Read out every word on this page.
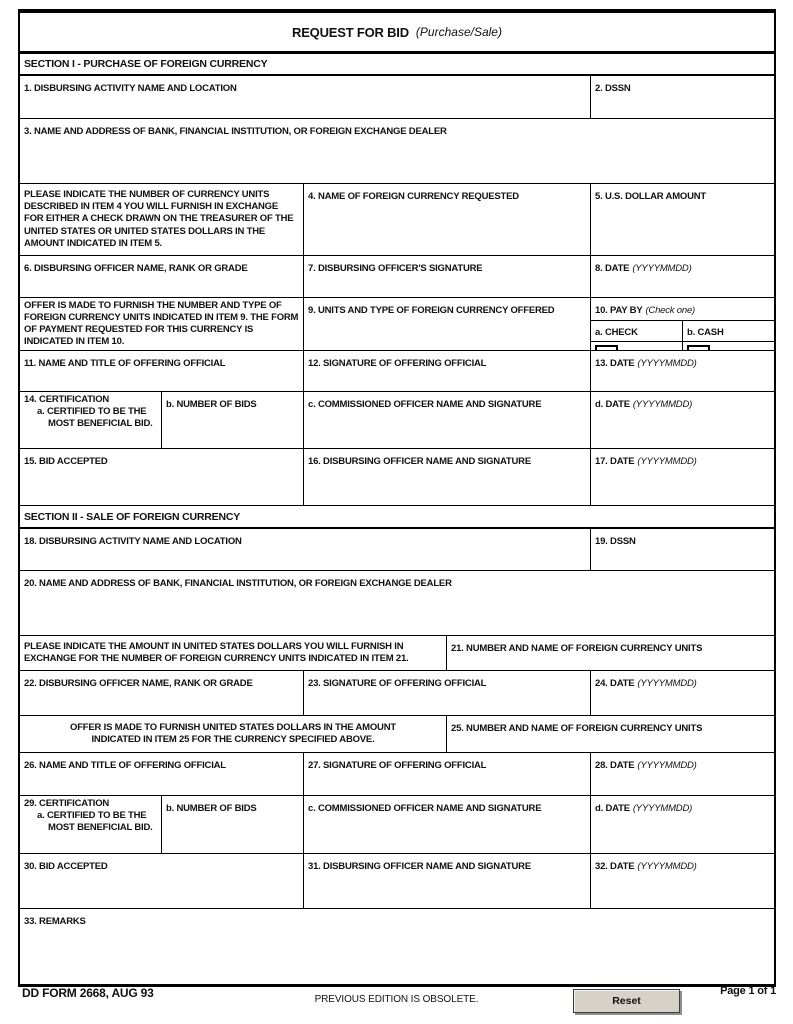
REQUEST FOR BID (Purchase/Sale)
SECTION I - PURCHASE OF FOREIGN CURRENCY
1. DISBURSING ACTIVITY NAME AND LOCATION	2. DSSN
3. NAME AND ADDRESS OF BANK, FINANCIAL INSTITUTION, OR FOREIGN EXCHANGE DEALER
PLEASE INDICATE THE NUMBER OF CURRENCY UNITS DESCRIBED IN ITEM 4 YOU WILL FURNISH IN EXCHANGE FOR EITHER A CHECK DRAWN ON THE TREASURER OF THE UNITED STATES OR UNITED STATES DOLLARS IN THE AMOUNT INDICATED IN ITEM 5.
4. NAME OF FOREIGN CURRENCY REQUESTED	5. U.S. DOLLAR AMOUNT
6. DISBURSING OFFICER NAME, RANK OR GRADE	7. DISBURSING OFFICER'S SIGNATURE	8. DATE (YYYYMMDD)
OFFER IS MADE TO FURNISH THE NUMBER AND TYPE OF FOREIGN CURRENCY UNITS INDICATED IN ITEM 9. THE FORM OF PAYMENT REQUESTED FOR THIS CURRENCY IS INDICATED IN ITEM 10.
9. UNITS AND TYPE OF FOREIGN CURRENCY OFFERED	10. PAY BY (Check one)
a. CHECK	b. CASH
11. NAME AND TITLE OF OFFERING OFFICIAL	12. SIGNATURE OF OFFERING OFFICIAL	13. DATE (YYYYMMDD)
14. CERTIFICATION
a. CERTIFIED TO BE THE MOST BENEFICIAL BID.
b. NUMBER OF BIDS	c. COMMISSIONED OFFICER NAME AND SIGNATURE	d. DATE (YYYYMMDD)
15. BID ACCEPTED	16. DISBURSING OFFICER NAME AND SIGNATURE	17. DATE (YYYYMMDD)
SECTION II - SALE OF FOREIGN CURRENCY
18. DISBURSING ACTIVITY NAME AND LOCATION	19. DSSN
20. NAME AND ADDRESS OF BANK, FINANCIAL INSTITUTION, OR FOREIGN EXCHANGE DEALER
PLEASE INDICATE THE AMOUNT IN UNITED STATES DOLLARS YOU WILL FURNISH IN EXCHANGE FOR THE NUMBER OF FOREIGN CURRENCY UNITS INDICATED IN ITEM 21.
21. NUMBER AND NAME OF FOREIGN CURRENCY UNITS
22. DISBURSING OFFICER NAME, RANK OR GRADE	23. SIGNATURE OF OFFERING OFFICIAL	24. DATE (YYYYMMDD)
OFFER IS MADE TO FURNISH UNITED STATES DOLLARS IN THE AMOUNT INDICATED IN ITEM 25 FOR THE CURRENCY SPECIFIED ABOVE.
25. NUMBER AND NAME OF FOREIGN CURRENCY UNITS
26. NAME AND TITLE OF OFFERING OFFICIAL	27. SIGNATURE OF OFFERING OFFICIAL	28. DATE (YYYYMMDD)
29. CERTIFICATION
a. CERTIFIED TO BE THE MOST BENEFICIAL BID.
b. NUMBER OF BIDS	c. COMMISSIONED OFFICER NAME AND SIGNATURE	d. DATE (YYYYMMDD)
30. BID ACCEPTED	31. DISBURSING OFFICER NAME AND SIGNATURE	32. DATE (YYYYMMDD)
33. REMARKS
DD FORM 2668, AUG 93	PREVIOUS EDITION IS OBSOLETE.	Reset
Page 1 of 1
